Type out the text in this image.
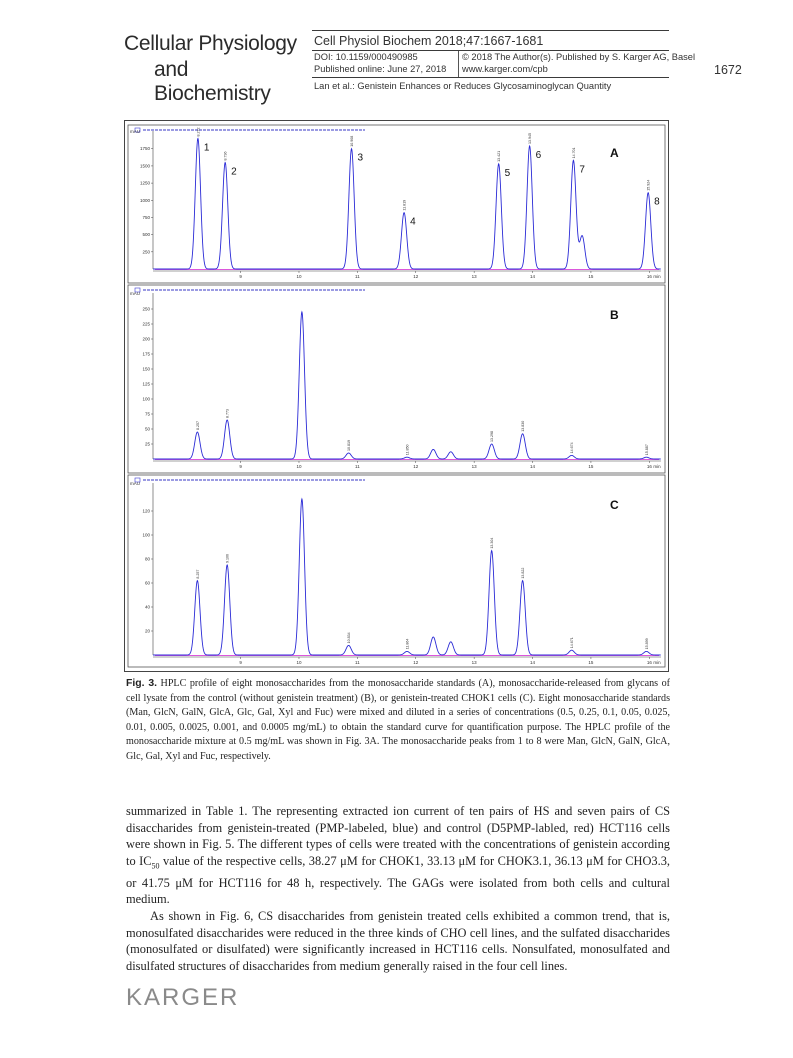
Cellular Physiology
and Biochemistry
Cell Physiol Biochem 2018;47:1667-1681
DOI: 10.1159/000490985
Published online: June 27, 2018
© 2018 The Author(s). Published by S. Karger AG, Basel
www.karger.com/cpb	1672
Lan et al.: Genistein Enhances or Reduces Glycosaminoglycan Quantity
mAU
250
500
750
1000
1250
1500
1750
9	10	11	12	13	14	15	16 min
8.272
1
8.736
2
10.908
3
11.819
4
13.421
5
13.945
6	14.701
7
15.924
8
A
mAU
25
50
75
100
125
150
175
200
225
250
9	10	11	12	13	14	15	16 min
8.257
8.773
10.819	11.850
13.298
13.830
14.674	15.887
B
mAU
20
40
60
80
100
120
9	10	11	12	13	14	15	16 min
8.257
9.106
10.834
11.864
13.304
13.822
14.671	15.899
C
Fig. 3. HPLC profile of eight monosaccharides from the monosaccharide standards (A), monosaccharide-released from glycans of cell lysate from the control (without genistein treatment) (B), or genistein-treated CHOK1 cells (C). Eight monosaccharide standards (Man, GlcN, GalN, GlcA, Glc, Gal, Xyl and Fuc) were mixed and diluted in a series of concentrations (0.5, 0.25, 0.1, 0.05, 0.025, 0.01, 0.005, 0.0025, 0.001, and 0.0005 mg/mL) to obtain the standard curve for quantification purpose. The HPLC profile of the monosaccharide mixture at 0.5 mg/mL was shown in Fig. 3A. The monosaccharide peaks from 1 to 8 were Man, GlcN, GalN, GlcA, Glc, Gal, Xyl and Fuc, respectively.

summarized in Table 1. The representing extracted ion current of ten pairs of HS and seven pairs of CS disaccharides from genistein-treated (PMP-labeled, blue) and control (D5PMP-labled, red) HCT116 cells were shown in Fig. 5. The different types of cells were treated with the concentrations of genistein according to $IC_{50}$ value of the respective cells, 38.27 μM for CHOK1, 33.13 μM for CHOK3.1, 36.13 μM for CHO3.3, or 41.75 μM for HCT116 for 48 h, respectively. The GAGs were isolated from both cells and cultural medium.

As shown in Fig. 6, CS disaccharides from genistein treated cells exhibited a common trend, that is, monosulfated disaccharides were reduced in the three kinds of CHO cell lines, and the sulfated disaccharides (monosulfated or disulfated) were significantly increased in HCT116 cells. Nonsulfated, monosulfated and disulfated structures of disaccharides from medium generally raised in the four cell lines.

KARGER
